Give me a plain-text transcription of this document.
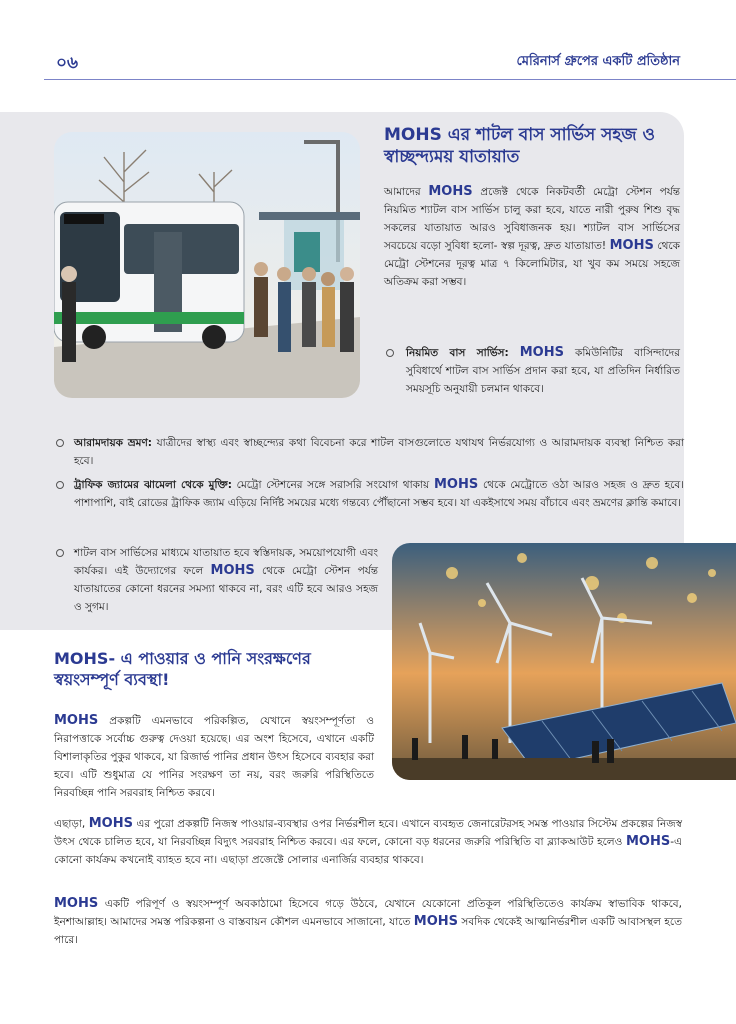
০৬	মেরিনার্স গ্রুপের একটি প্রতিষ্ঠান
MOHS এর শাটল বাস সার্ভিস সহজ ও স্বাচ্ছন্দ্যময় যাতায়াত
আমাদের MOHS প্রজেক্ট থেকে নিকটবর্তী মেট্রো স্টেশন পর্যন্ত নিয়মিত শ্যাটল বাস সার্ভিস চালু করা হবে, যাতে নারী পুরুষ শিশু বৃদ্ধ সকলের যাতায়াত আরও সুবিধাজনক হয়। শ্যাটল বাস সার্ভিসের সবচেয়ে বড়ো সুবিধা হলো- স্বল্প দূরত্ব, দ্রুত যাতায়াত! MOHS থেকে মেট্রো স্টেশনের দূরত্ব মাত্র ৭ কিলোমিটার, যা খুব কম সময়ে সহজে অতিক্রম করা সম্ভব।
নিয়মিত বাস সার্ভিস: MOHS কমিউনিটির বাসিন্দাদের সুবিধার্থে শাটল বাস সার্ভিস প্রদান করা হবে, যা প্রতিদিন নির্ধারিত সময়সূচি অনুযায়ী চলমান থাকবে।
আরামদায়ক ভ্রমণ: যাত্রীদের স্বাস্থ্য এবং স্বাচ্ছন্দ্যের কথা বিবেচনা করে শাটল বাসগুলোতে যথাযথ নির্ভরযোগ্য ও আরামদায়ক ব্যবস্থা নিশ্চিত করা হবে।
ট্রাফিক জ্যামের ঝামেলা থেকে মুক্তি: মেট্রো স্টেশনের সঙ্গে সরাসরি সংযোগ থাকায় MOHS থেকে মেট্রোতে ওঠা আরও সহজ ও দ্রুত হবে। পাশাপাশি, বাই রোডের ট্রাফিক জ্যাম এড়িয়ে নির্দিষ্ট সময়ের মধ্যে গন্তব্যে পৌঁছানো সম্ভব হবে। যা একইসাথে সময় বাঁচাবে এবং ভ্রমণের ক্লান্তি কমাবে।
শাটল বাস সার্ভিসের মাধ্যমে যাতায়াত হবে স্বস্তিদায়ক, সময়োপযোগী এবং কার্যকর। এই উদ্যোগের ফলে MOHS থেকে মেট্রো স্টেশন পর্যন্ত যাতায়াতের কোনো ধরনের সমস্যা থাকবে না, বরং এটি হবে আরও সহজ ও সুগম।
MOHS- এ পাওয়ার ও পানি সংরক্ষণের স্বয়ংসম্পূর্ণ ব্যবস্থা!
MOHS প্রকল্পটি এমনভাবে পরিকল্পিত, যেখানে স্বয়ংসম্পূর্ণতা ও নিরাপত্তাকে সর্বোচ্চ গুরুত্ব দেওয়া হয়েছে। এর অংশ হিসেবে, এখানে একটি বিশালাকৃতির পুকুর থাকবে, যা রিজার্ভ পানির প্রধান উৎস হিসেবে ব্যবহার করা হবে। এটি শুধুমাত্র যে পানির সংরক্ষণ তা নয়, বরং জরুরি পরিস্থিতিতে নিরবচ্ছিন্ন পানি সরবরাহ নিশ্চিত করবে।
এছাড়া, MOHS এর পুরো প্রকল্পটি নিজস্ব পাওয়ার-ব্যবস্থার ওপর নির্ভরশীল হবে। এখানে ব্যবহৃত জেনারেটরসহ সমস্ত পাওয়ার সিস্টেম প্রকল্পের নিজস্ব উৎস থেকে চালিত হবে, যা নিরবচ্ছিন্ন বিদ্যুৎ সরবরাহ নিশ্চিত করবে। এর ফলে, কোনো বড় ধরনের জরুরি পরিস্থিতি বা ব্ল্যাকআউট হলেও MOHS-এ কোনো কার্যক্রম কখনোই ব্যাহত হবে না। এছাড়া প্রজেক্টে সোলার এনার্জির ব্যবহার থাকবে।
MOHS একটি পরিপূর্ণ ও স্বয়ংসম্পূর্ণ অবকাঠামো হিসেবে গড়ে উঠবে, যেখানে যেকোনো প্রতিকূল পরিস্থিতিতেও কার্যক্রম স্বাভাবিক থাকবে, ইনশাআল্লাহ। আমাদের সমস্ত পরিকল্পনা ও বাস্তবায়ন কৌশল এমনভাবে সাজানো, যাতে MOHS সবদিক থেকেই আত্মনির্ভরশীল একটি আবাসস্থল হতে পারে।
